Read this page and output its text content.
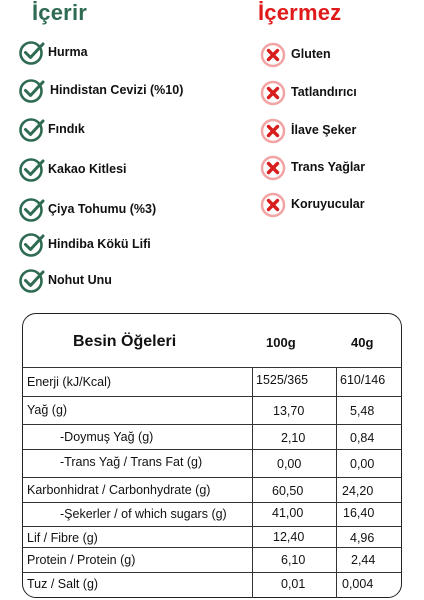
İçerir	İçermez
Hurma
Hindistan Cevizi (%10)
Fındık
Kakao Kitlesi
Çiya Tohumu (%3)
Hindiba Kökü Lifi
Nohut Unu
Gluten
Tatlandırıcı
İlave Şeker
Trans Yağlar
Koruyucular
Besin Öğeleri	100g	40g
Enerji (kJ/Kcal)	1525/365	610/146
Yağ (g)	13,70	5,48
-Doymuş Yağ (g)	2,10	0,84
-Trans Yağ / Trans Fat (g)	0,00	0,00
Karbonhidrat / Carbonhydrate (g)	60,50	24,20
-Şekerler / of which sugars (g)	41,00	16,40
Lif / Fibre (g)	12,40	4,96
Protein / Protein (g)	6,10	2,44
Tuz / Salt (g)	0,01	0,004
